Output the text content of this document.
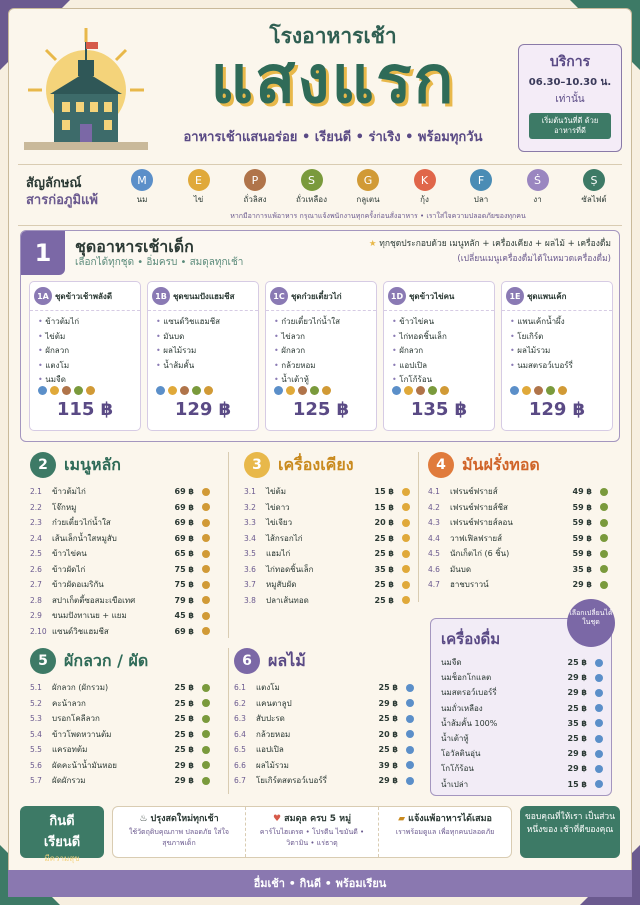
โรงอาหารเช้า
แสงแรก
อาหารเช้าแสนอร่อย • เรียนดี • ร่าเริง • พร้อมทุกวัน
บริการ
06.30–10.30 น.
เท่านั้น
เริ่มต้นวันที่ดี ด้วยอาหารที่ดี
สัญลักษณ์
สารก่อภูมิแพ้
M
นม
E
ไข่
P
ถั่วลิสง
S
ถั่วเหลือง
G
กลูเตน
K
กุ้ง
F
ปลา
Ṡ
งา
Ṣ
ซัลไฟต์
หากมีอาการแพ้อาหาร กรุณาแจ้งพนักงานทุกครั้งก่อนสั่งอาหาร • เราใส่ใจความปลอดภัยของทุกคน
1	ชุดอาหารเช้าเด็ก
เลือกได้ทุกชุด • อิ่มครบ • สมดุลทุกเช้า
★ ทุกชุดประกอบด้วย เมนูหลัก + เครื่องเคียง + ผลไม้ + เครื่องดื่ม
(เปลี่ยนเมนูเครื่องดื่มได้ในหมวดเครื่องดื่ม)
1A ชุดข้าวเช้าพลังดี
• ข้าวต้มไก่
• ไข่ต้ม
• ผักลวก
• แตงโม
• นมจืด
115 ฿
1B ชุดขนมปังแฮมชีส
• แซนด์วิชแฮมชีส
• มันบด
• ผลไม้รวม
• น้ำส้มคั้น
129 ฿
1C ชุดก๋วยเตี๋ยวไก่
• ก๋วยเตี๋ยวไก่น้ำใส
• ไข่ลวก
• ผักลวก
• กล้วยหอม
• น้ำเต้าหู้
125 ฿
1D ชุดข้าวไข่คน
• ข้าวไข่คน
• ไก่ทอดชิ้นเล็ก
• ผักลวก
• แอปเปิล
• โกโก้ร้อน
135 ฿
1E ชุดแพนเค้ก
• แพนเค้กน้ำผึ้ง
• โยเกิร์ต
• ผลไม้รวม
• นมสตรอว์เบอร์รี่
129 ฿
2	เมนูหลัก
2.1	ข้าวต้มไก่	69 ฿
2.2	โจ๊กหมู	69 ฿
2.3	ก๋วยเตี๋ยวไก่น้ำใส	69 ฿
2.4	เส้นเล็กน้ำใสหมูสับ	69 ฿
2.5	ข้าวไข่คน	65 ฿
2.6	ข้าวผัดไก่	75 ฿
2.7	ข้าวผัดอเมริกัน	75 ฿
2.8	สปาเก็ตตี้ซอสมะเขือเทศ	79 ฿
2.9	ขนมปังทาเนย + แยม	45 ฿
2.10 แซนด์วิชแฮมชีส	69 ฿
3	เครื่องเคียง
3.1	ไข่ต้ม	15 ฿
3.2	ไข่ดาว	15 ฿
3.3	ไข่เจียว	20 ฿
3.4	ไส้กรอกไก่	25 ฿
3.5	แฮมไก่	25 ฿
3.6	ไก่ทอดชิ้นเล็ก	35 ฿
3.7	หมูสับผัด	25 ฿
3.8	ปลาเส้นทอด	25 ฿
4	มันฝรั่งทอด
4.1	เฟรนช์ฟรายส์	49 ฿
4.2	เฟรนช์ฟรายส์ชีส	59 ฿
4.3	เฟรนช์ฟรายส์ลอน	59 ฿
4.4	วาฟเฟิลฟรายส์	59 ฿
4.5	นักเก็ตไก่ (6 ชิ้น)	59 ฿
4.6	มันบด	35 ฿
4.7	ฮาชบราวน์	29 ฿
5	ผักลวก / ผัด
5.1	ผักลวก (ผักรวม)	25 ฿
5.2	คะน้าลวก	25 ฿
5.3	บรอกโคลีลวก	25 ฿
5.4	ข้าวโพดหวานต้ม	25 ฿
5.5	แครอทต้ม	25 ฿
5.6	ผัดคะน้าน้ำมันหอย	29 ฿
5.7	ผัดผักรวม	29 ฿
6	ผลไม้
6.1	แตงโม	25 ฿
6.2	แคนตาลูป	29 ฿
6.3	สับปะรด	25 ฿
6.4	กล้วยหอม	20 ฿
6.5	แอปเปิล	25 ฿
6.6	ผลไม้รวม	39 ฿
6.7	โยเกิร์ตสตรอว์เบอร์รี่	29 ฿
เครื่องดื่ม
เลือกเปลี่ยนได้ในชุด
นมจืด	25 ฿
นมช็อกโกแลต	29 ฿
นมสตรอว์เบอร์รี่	29 ฿
นมถั่วเหลือง	25 ฿
น้ำส้มคั้น 100%	35 ฿
น้ำเต้าหู้	25 ฿
โอวัลตินอุ่น	29 ฿
โกโก้ร้อน	29 ฿
น้ำเปล่า	15 ฿
กินดี
เรียนดี
มีความสุข
♨ ปรุงสดใหม่ทุกเช้า
ใช้วัตถุดิบคุณภาพ ปลอดภัย ใส่ใจสุขภาพเด็ก
♥ สมดุล ครบ 5 หมู่
คาร์โบไฮเดรต • โปรตีน ไขมันดี • วิตามิน • แร่ธาตุ
▰ แจ้งแพ้อาหารได้เสมอ
เราพร้อมดูแล เพื่อทุกคนปลอดภัย
ขอบคุณที่ให้เรา เป็นส่วนหนึ่งของ เช้าที่ดีของคุณ
อื่มเช้า • กินดี • พร้อมเรียน
